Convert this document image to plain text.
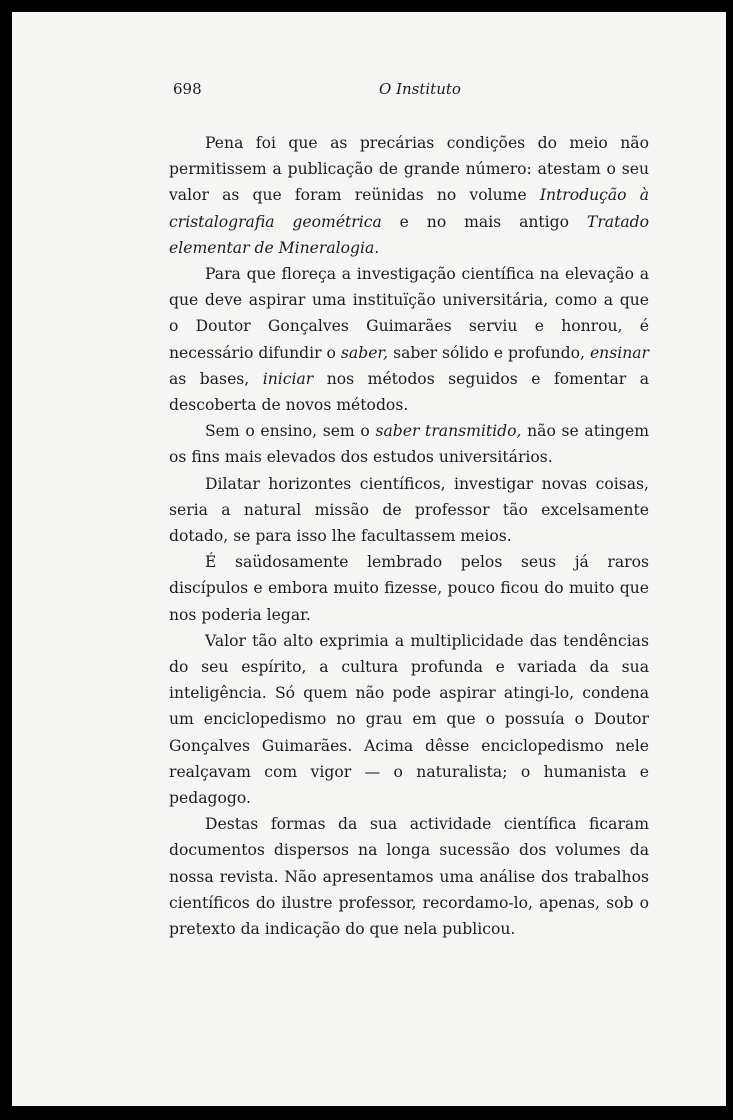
698	O Instituto

Pena foi que as precárias condições do meio não permitissem a publicação de grande número: atestam o seu valor as que foram reünidas no volume Introdução à cristalografia geométrica e no mais antigo Tratado elementar de Mineralogia.

Para que floreça a investigação científica na elevação a que deve aspirar uma instituïção universitária, como a que o Doutor Gonçalves Guimarães serviu e honrou, é necessário difundir o saber, saber sólido e profundo, ensinar as bases, iniciar nos métodos seguidos e fomentar a descoberta de novos métodos.

Sem o ensino, sem o saber transmitido, não se atingem os fins mais elevados dos estudos universitários.

Dilatar horizontes científicos, investigar novas coisas, seria a natural missão de professor tão excelsamente dotado, se para isso lhe facultassem meios.

É saüdosamente lembrado pelos seus já raros discípulos e embora muito fizesse, pouco ficou do muito que nos poderia legar.

Valor tão alto exprimia a multiplicidade das tendências do seu espírito, a cultura profunda e variada da sua inteligência. Só quem não pode aspirar atingi-lo, condena um enciclopedismo no grau em que o possuía o Doutor Gonçalves Guimarães. Acima dêsse enciclopedismo nele realçavam com vigor — o naturalista; o humanista e pedagogo.

Destas formas da sua actividade científica ficaram documentos dispersos na longa sucessão dos volumes da nossa revista. Não apresentamos uma análise dos trabalhos científicos do ilustre professor, recordamo-lo, apenas, sob o pretexto da indicação do que nela publicou.
